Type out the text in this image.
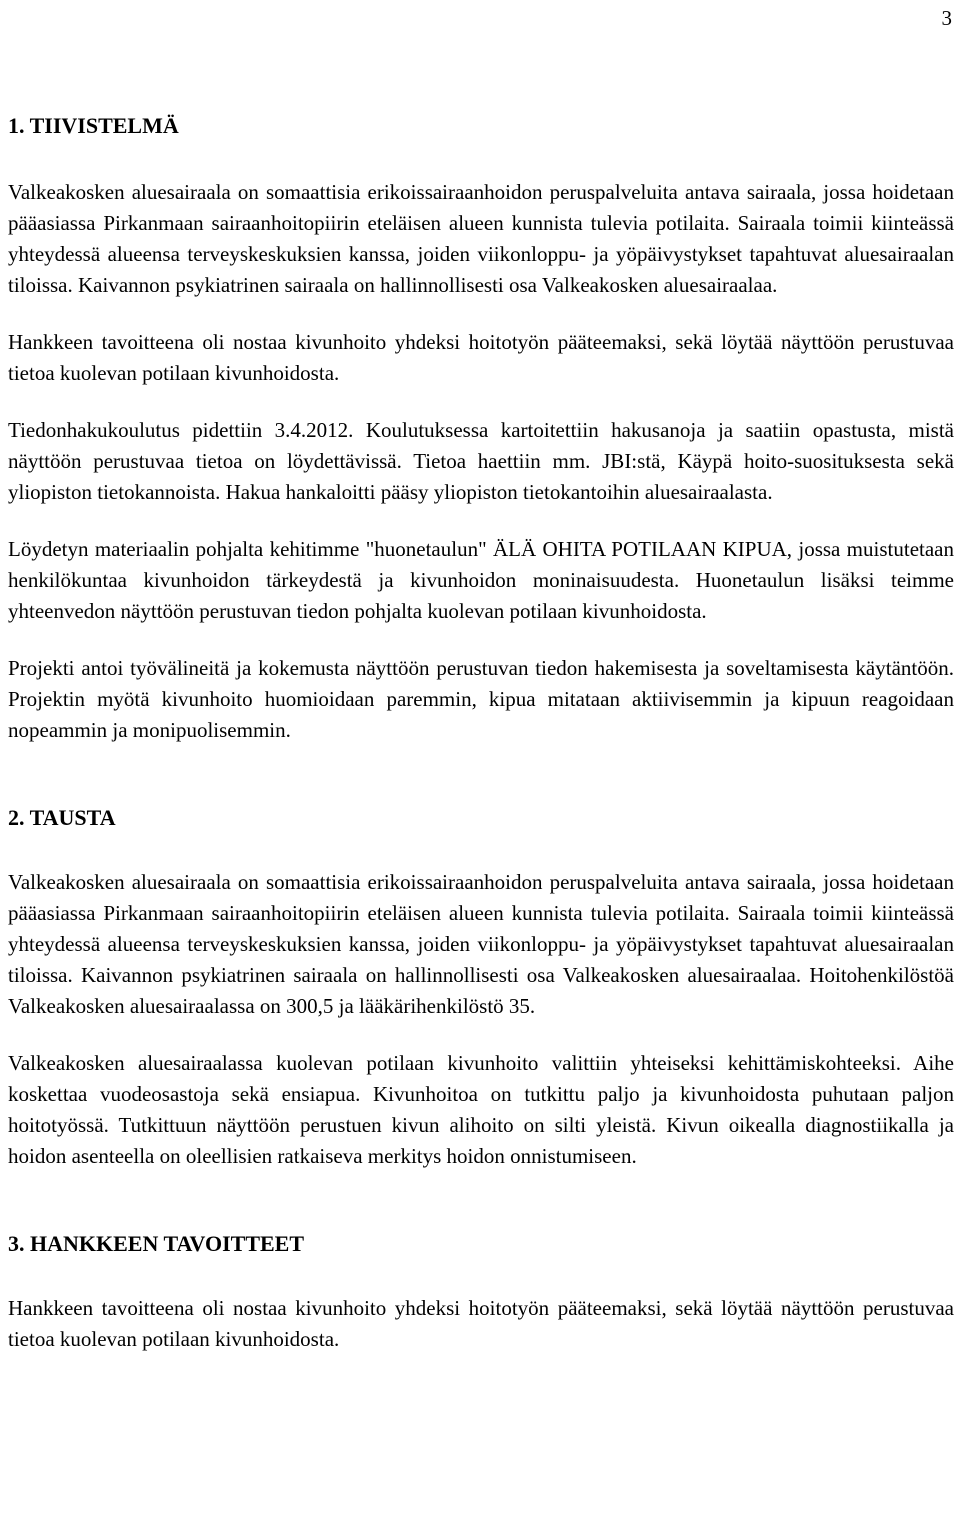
3
1. TIIVISTELMÄ

Valkeakosken aluesairaala on somaattisia erikoissairaanhoidon peruspalveluita antava sairaala, jossa hoidetaan pääasiassa Pirkanmaan sairaanhoitopiirin eteläisen alueen kunnista tulevia potilaita. Sairaala toimii kiinteässä yhteydessä alueensa terveyskeskuksien kanssa, joiden viikonloppu- ja yöpäivystykset tapahtuvat aluesairaalan tiloissa. Kaivannon psykiatrinen sairaala on hallinnollisesti osa Valkeakosken aluesairaalaa.

Hankkeen tavoitteena oli nostaa kivunhoito yhdeksi hoitotyön pääteemaksi, sekä löytää näyttöön perustuvaa tietoa kuolevan potilaan kivunhoidosta.

Tiedonhakukoulutus pidettiin 3.4.2012. Koulutuksessa kartoitettiin hakusanoja ja saatiin opastusta, mistä näyttöön perustuvaa tietoa on löydettävissä. Tietoa haettiin mm. JBI:stä, Käypä hoito-suosituksesta sekä yliopiston tietokannoista. Hakua hankaloitti pääsy yliopiston tietokantoihin aluesairaalasta.

Löydetyn materiaalin pohjalta kehitimme "huonetaulun" ÄLÄ OHITA POTILAAN KIPUA, jossa muistutetaan henkilökuntaa kivunhoidon tärkeydestä ja kivunhoidon moninaisuudesta. Huonetaulun lisäksi teimme yhteenvedon näyttöön perustuvan tiedon pohjalta kuolevan potilaan kivunhoidosta.

Projekti antoi työvälineitä ja kokemusta näyttöön perustuvan tiedon hakemisesta ja soveltamisesta käytäntöön. Projektin myötä kivunhoito huomioidaan paremmin, kipua mitataan aktiivisemmin ja kipuun reagoidaan nopeammin ja monipuolisemmin.

2. TAUSTA

Valkeakosken aluesairaala on somaattisia erikoissairaanhoidon peruspalveluita antava sairaala, jossa hoidetaan pääasiassa Pirkanmaan sairaanhoitopiirin eteläisen alueen kunnista tulevia potilaita. Sairaala toimii kiinteässä yhteydessä alueensa terveyskeskuksien kanssa, joiden viikonloppu- ja yöpäivystykset tapahtuvat aluesairaalan tiloissa. Kaivannon psykiatrinen sairaala on hallinnollisesti osa Valkeakosken aluesairaalaa. Hoitohenkilöstöä Valkeakosken aluesairaalassa on 300,5 ja lääkärihenkilöstö 35.

Valkeakosken aluesairaalassa kuolevan potilaan kivunhoito valittiin yhteiseksi kehittämiskohteeksi. Aihe koskettaa vuodeosastoja sekä ensiapua. Kivunhoitoa on tutkittu paljo ja kivunhoidosta puhutaan paljon hoitotyössä. Tutkittuun näyttöön perustuen kivun alihoito on silti yleistä. Kivun oikealla diagnostiikalla ja hoidon asenteella on oleellisien ratkaiseva merkitys hoidon onnistumiseen.

3. HANKKEEN TAVOITTEET

Hankkeen tavoitteena oli nostaa kivunhoito yhdeksi hoitotyön pääteemaksi, sekä löytää näyttöön perustuvaa tietoa kuolevan potilaan kivunhoidosta.
